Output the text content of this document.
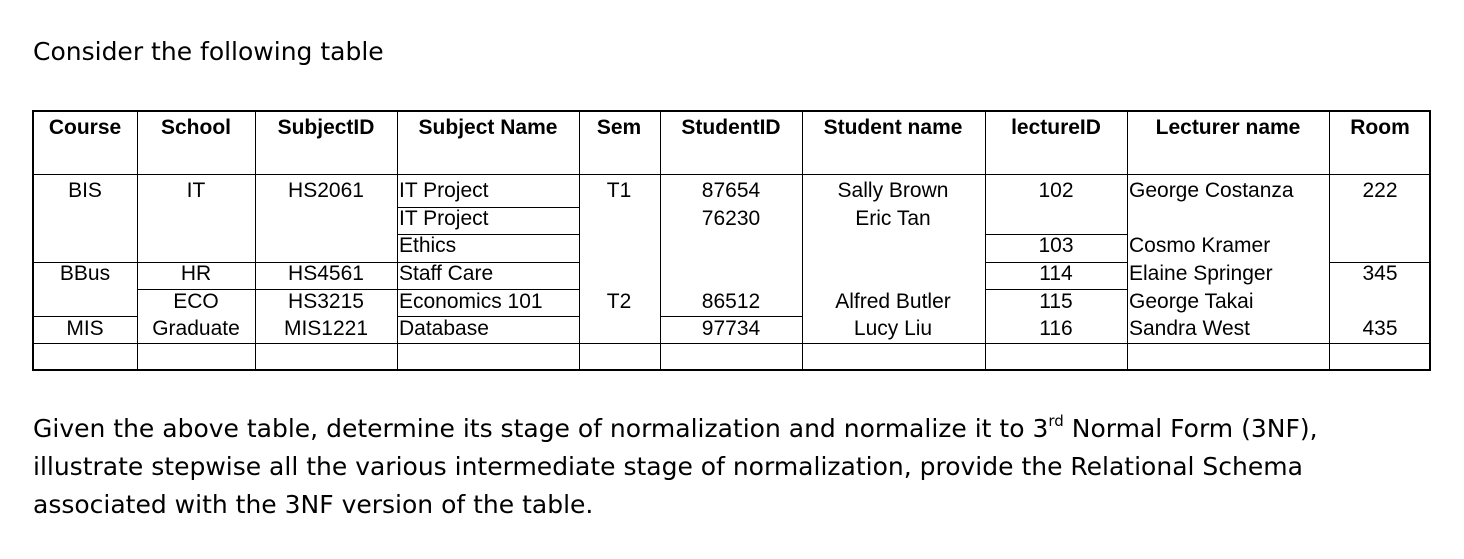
Consider the following table

Course School SubjectID Subject Name Sem StudentID Student name lectureID	Lecturer name Room
BIS
BBus
MIS
IT
HR
ECO
Graduate
HS2061
HS4561
HS3215
MIS1221
IT Project
IT Project
Ethics
Staff Care
Economics 101
Database
T1
T2
87654
76230
86512
97734
Sally Brown
Eric Tan
Alfred Butler
Lucy Liu
102
103
114
115
116
George Costanza
Cosmo Kramer
Elaine Springer
George Takai
Sandra West
222
345
435

Given the above table, determine its stage of normalization and normalize it to 3rd Normal Form (3NF), illustrate stepwise all the various intermediate stage of normalization, provide the Relational Schema associated with the 3NF version of the table.
